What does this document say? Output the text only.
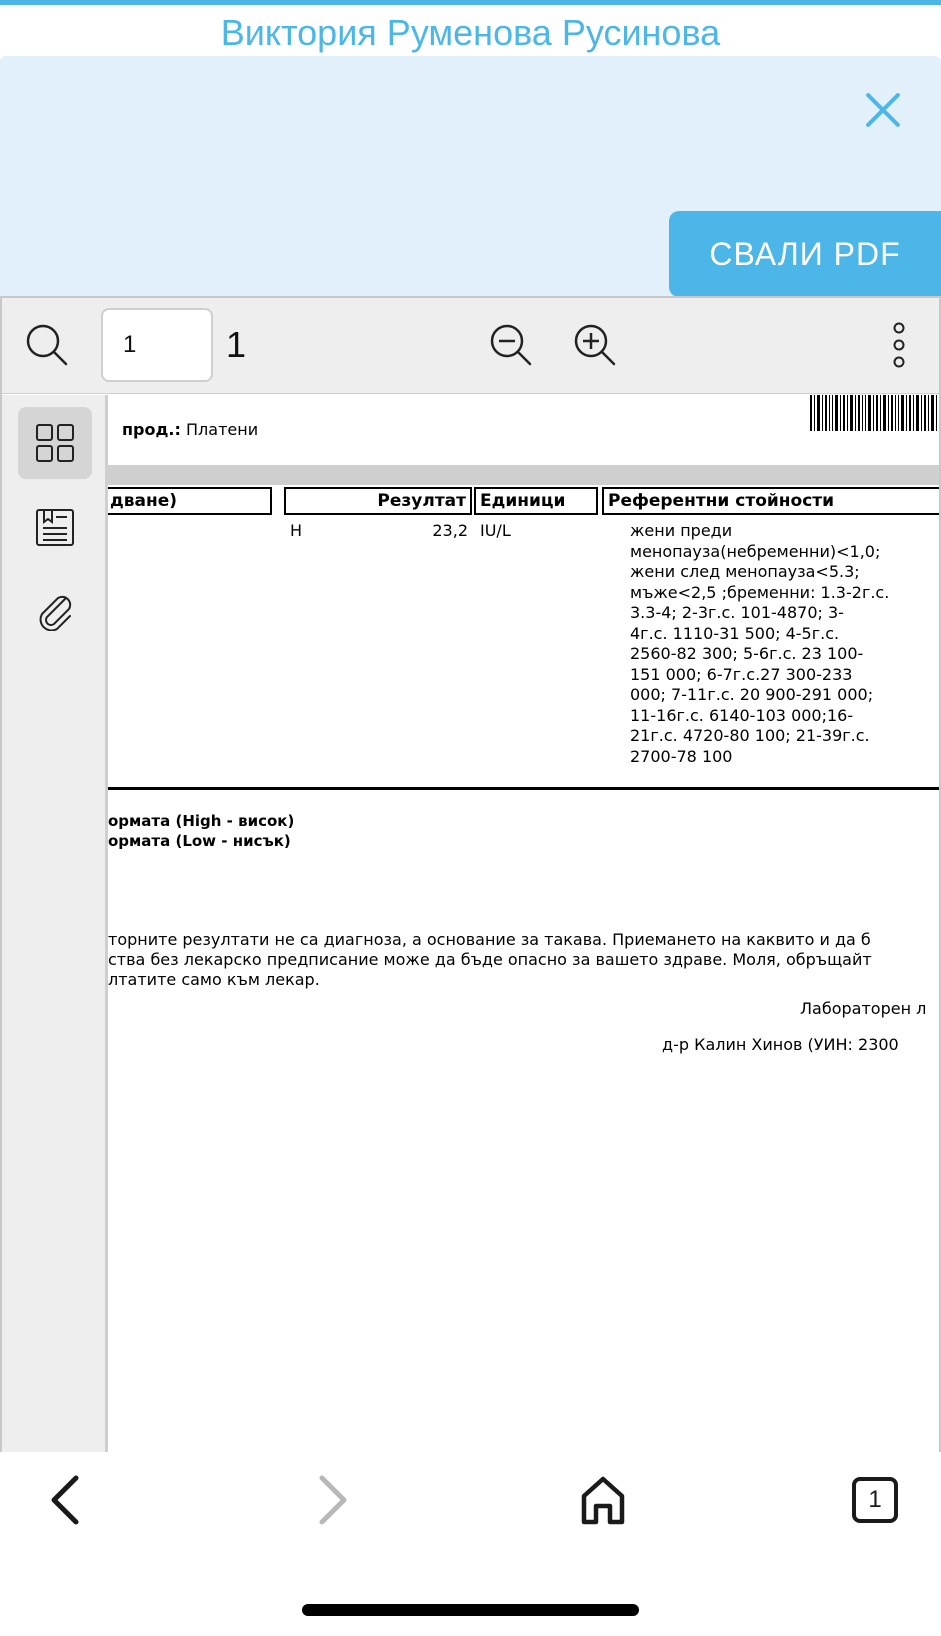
Виктория Руменова Русинова
СВАЛИ PDF
1
1
прод.: Платени
дване)	Резултат Единици	Референтни стойности
H	23,2 IU/L	жени преди
менопауза(небременни)<1,0;
жени след менопауза<5.3;
мъже<2,5 ;бременни: 1.3-2г.с.
3.3-4; 2-3г.с. 101-4870; 3-
4г.с. 1110-31 500; 4-5г.с.
2560-82 300; 5-6г.с. 23 100-
151 000; 6-7г.с.27 300-233
000; 7-11г.с. 20 900-291 000;
11-16г.с. 6140-103 000;16-
21г.с. 4720-80 100; 21-39г.с.
2700-78 100
ормата (High - висок)
ормата (Low - нисък)
торните резултати не са диагноза, а основание за такава. Приемането на каквито и да б
ства без лекарско предписание може да бъде опасно за вашето здраве. Моля, обръщайт
лтатите само към лекар.
Лабораторен л
д-р Калин Хинов (УИН: 2300
1
